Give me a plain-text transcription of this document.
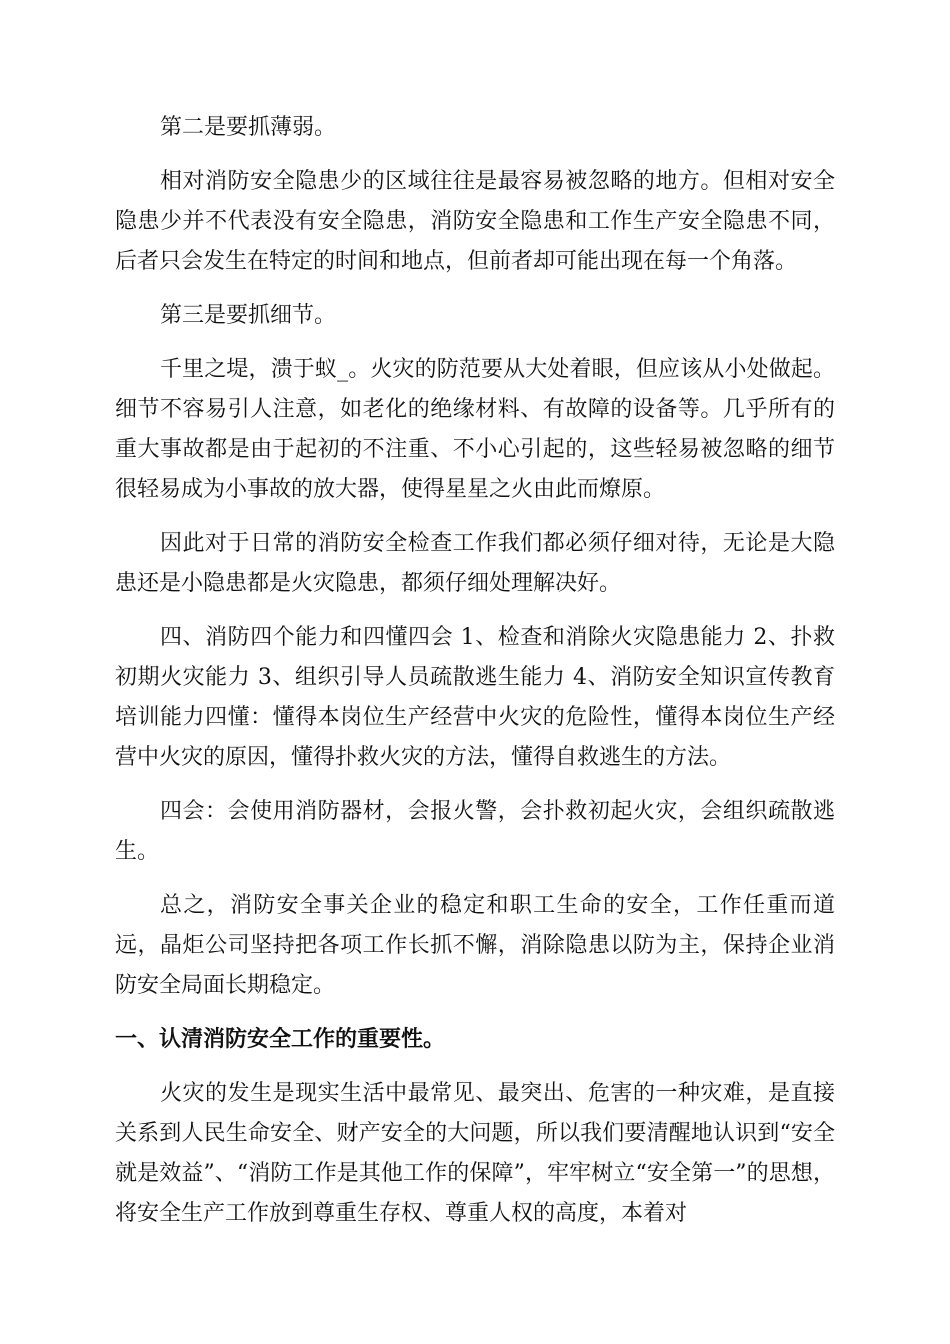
第二是要抓薄弱。

相对消防安全隐患少的区域往往是最容易被忽略的地方。但相对安全隐患少并不代表没有安全隐患，消防安全隐患和工作生产安全隐患不同，后者只会发生在特定的时间和地点，但前者却可能出现在每一个角落。

第三是要抓细节。

千里之堤，溃于蚁_。火灾的防范要从大处着眼，但应该从小处做起。细节不容易引人注意，如老化的绝缘材料、有故障的设备等。几乎所有的重大事故都是由于起初的不注重、不小心引起的，这些轻易被忽略的细节很轻易成为小事故的放大器，使得星星之火由此而燎原。

因此对于日常的消防安全检查工作我们都必须仔细对待，无论是大隐患还是小隐患都是火灾隐患，都须仔细处理解决好。

四、消防四个能力和四懂四会 1、检查和消除火灾隐患能力 2、扑救初期火灾能力 3、组织引导人员疏散逃生能力 4、消防安全知识宣传教育培训能力四懂：懂得本岗位生产经营中火灾的危险性，懂得本岗位生产经营中火灾的原因，懂得扑救火灾的方法，懂得自救逃生的方法。

四会：会使用消防器材，会报火警，会扑救初起火灾，会组织疏散逃生。

总之，消防安全事关企业的稳定和职工生命的安全，工作任重而道远，晶炬公司坚持把各项工作长抓不懈，消除隐患以防为主，保持企业消防安全局面长期稳定。

一、认清消防安全工作的重要性。

火灾的发生是现实生活中最常见、最突出、危害的一种灾难，是直接关系到人民生命安全、财产安全的大问题，所以我们要清醒地认识到“安全就是效益”、“消防工作是其他工作的保障”，牢牢树立“安全第一”的思想，将安全生产工作放到尊重生存权、尊重人权的高度，本着对
